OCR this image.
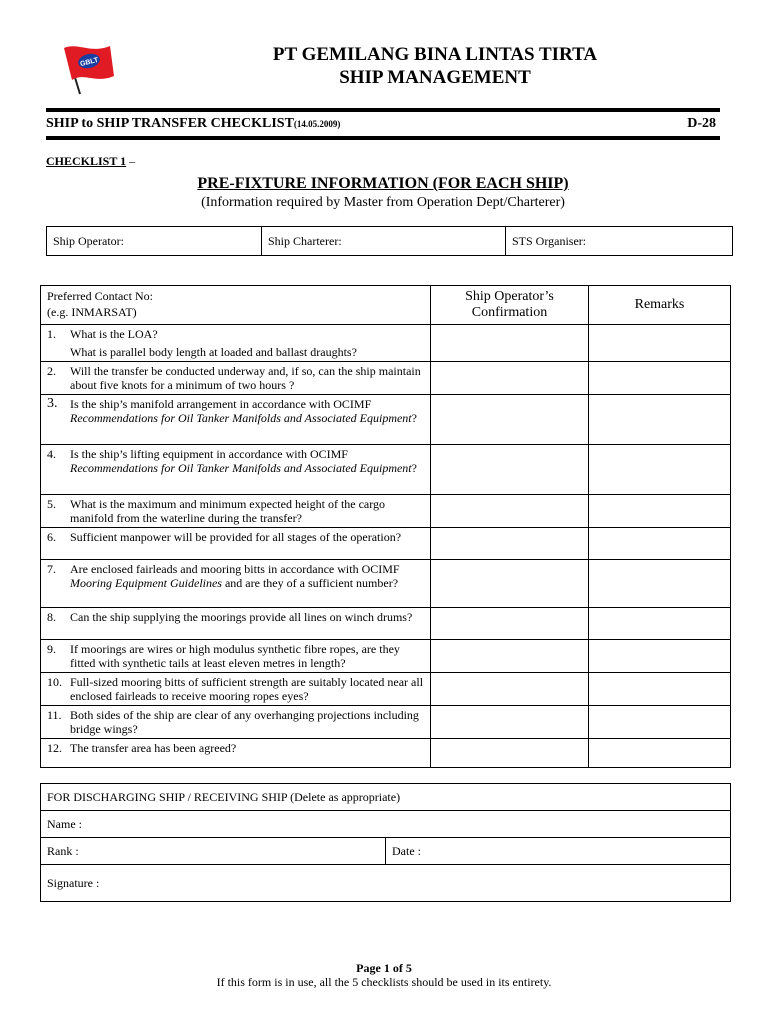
GBLT	PT GEMILANG BINA LINTAS TIRTA
SHIP MANAGEMENT
SHIP to SHIP TRANSFER CHECKLIST(14.05.2009)	D-28
CHECKLIST 1 –
PRE-FIXTURE INFORMATION (FOR EACH SHIP)
(Information required by Master from Operation Dept/Charterer)
Ship Operator:	Ship Charterer:	STS Organiser:
Preferred Contact No:
(e.g. INMARSAT)	Ship Operator’s Confirmation	Remarks

1. What is the LOA?
What is parallel body length at loaded and ballast draughts?		

2. Will the transfer be conducted underway and, if so, can the ship maintain about five knots for a minimum of two hours ?		

3. Is the ship’s manifold arrangement in accordance with OCIMF Recommendations for Oil Tanker Manifolds and Associated Equipment?		

4. Is the ship’s lifting equipment in accordance with OCIMF Recommendations for Oil Tanker Manifolds and Associated Equipment?		

5. What is the maximum and minimum expected height of the cargo manifold from the waterline during the transfer?		

6. Sufficient manpower will be provided for all stages of the operation?		

7. Are enclosed fairleads and mooring bitts in accordance with OCIMF Mooring Equipment Guidelines and are they of a sufficient number?		

8. Can the ship supplying the moorings provide all lines on winch drums?		

9. If moorings are wires or high modulus synthetic fibre ropes, are they fitted with synthetic tails at least eleven metres in length?		

10. Full-sized mooring bitts of sufficient strength are suitably located near all enclosed fairleads to receive mooring ropes eyes?		

11. Both sides of the ship are clear of any overhanging projections including bridge wings?		

12. The transfer area has been agreed?		

FOR DISCHARGING SHIP / RECEIVING SHIP (Delete as appropriate)
Name :
Rank :	Date :
Signature :
Page 1 of 5
If this form is in use, all the 5 checklists should be used in its entirety.
